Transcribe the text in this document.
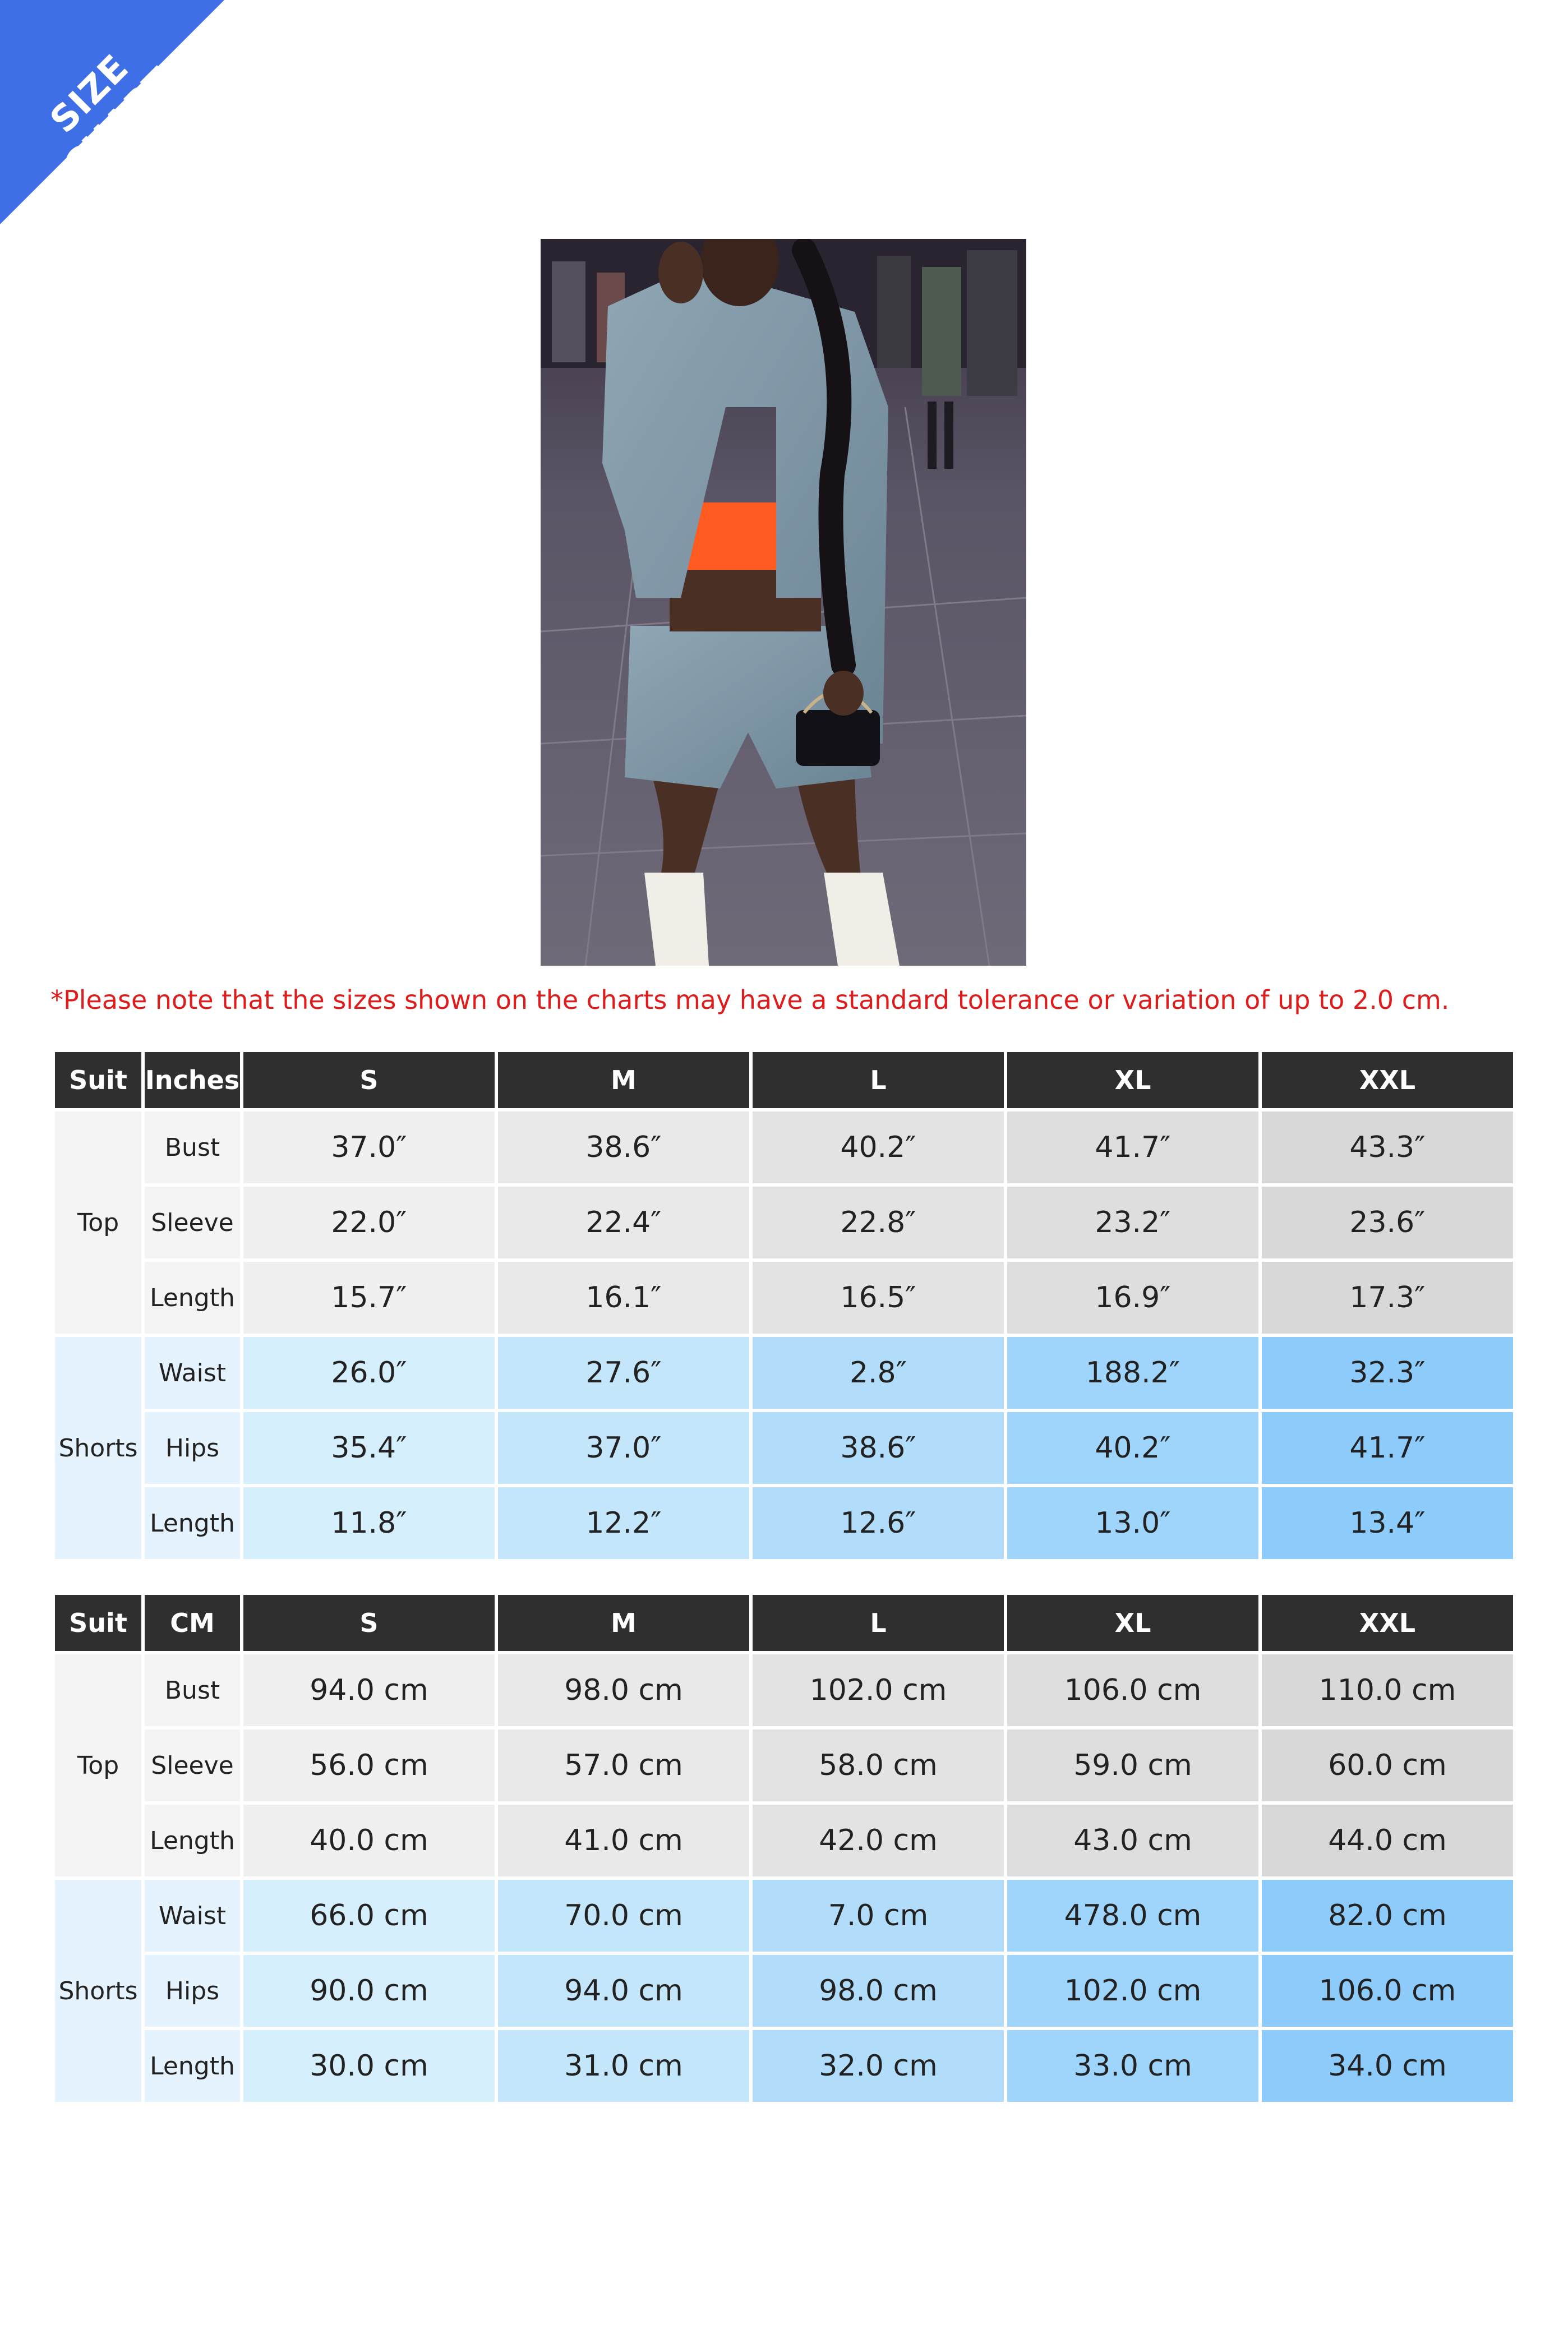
SIZE CHART
*Please note that the sizes shown on the charts may have a standard tolerance or variation of up to 2.0 cm.
Suit	Inches	S	M	L	XL	XXL
Top	Bust	37.0″	38.6″	40.2″	41.7″	43.3″
	Sleeve	22.0″	22.4″	22.8″	23.2″	23.6″
	Length	15.7″	16.1″	16.5″	16.9″	17.3″
Shorts	Waist	26.0″	27.6″	2.8″	188.2″	32.3″
	Hips	35.4″	37.0″	38.6″	40.2″	41.7″
	Length	11.8″	12.2″	12.6″	13.0″	13.4″
Suit	CM	S	M	L	XL	XXL
Top	Bust	94.0 cm	98.0 cm	102.0 cm	106.0 cm	110.0 cm
	Sleeve	56.0 cm	57.0 cm	58.0 cm	59.0 cm	60.0 cm
	Length	40.0 cm	41.0 cm	42.0 cm	43.0 cm	44.0 cm
Shorts	Waist	66.0 cm	70.0 cm	7.0 cm	478.0 cm	82.0 cm
	Hips	90.0 cm	94.0 cm	98.0 cm	102.0 cm	106.0 cm
	Length	30.0 cm	31.0 cm	32.0 cm	33.0 cm	34.0 cm
